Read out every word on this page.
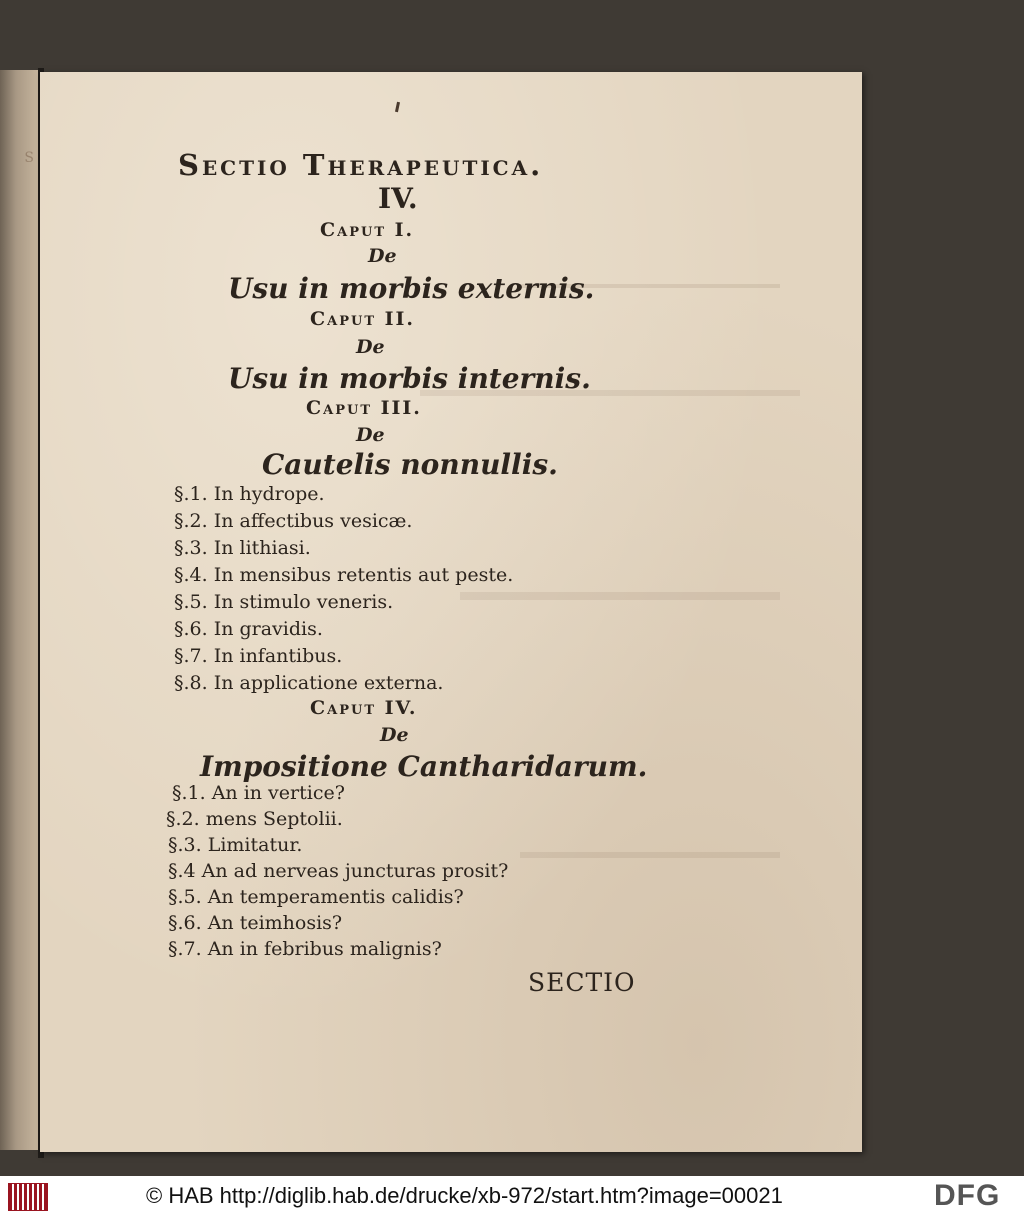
S	Sectio Therapeutica.
IV.
Caput I.
De
Usu in morbis externis.
Caput II.
De
Usu in morbis internis.
Caput III.
De
Cautelis nonnullis.
§.1. In hydrope.
§.2. In affectibus vesicæ.
§.3. In lithiasi.
§.4. In mensibus retentis aut peste.
§.5. In stimulo veneris.
§.6. In gravidis.
§.7. In infantibus.
§.8. In applicatione externa.
Caput IV.
De
Impositione Cantharidarum.
§.1. An in vertice?
§.2. mens Septolii.
§.3. Limitatur.
§.4 An ad nerveas juncturas prosit?
§.5. An temperamentis calidis?
§.6. An teimhosis?
§.7. An in febribus malignis?
SECTIO
© HAB http://diglib.hab.de/drucke/xb-972/start.htm?image=00021	DFG
